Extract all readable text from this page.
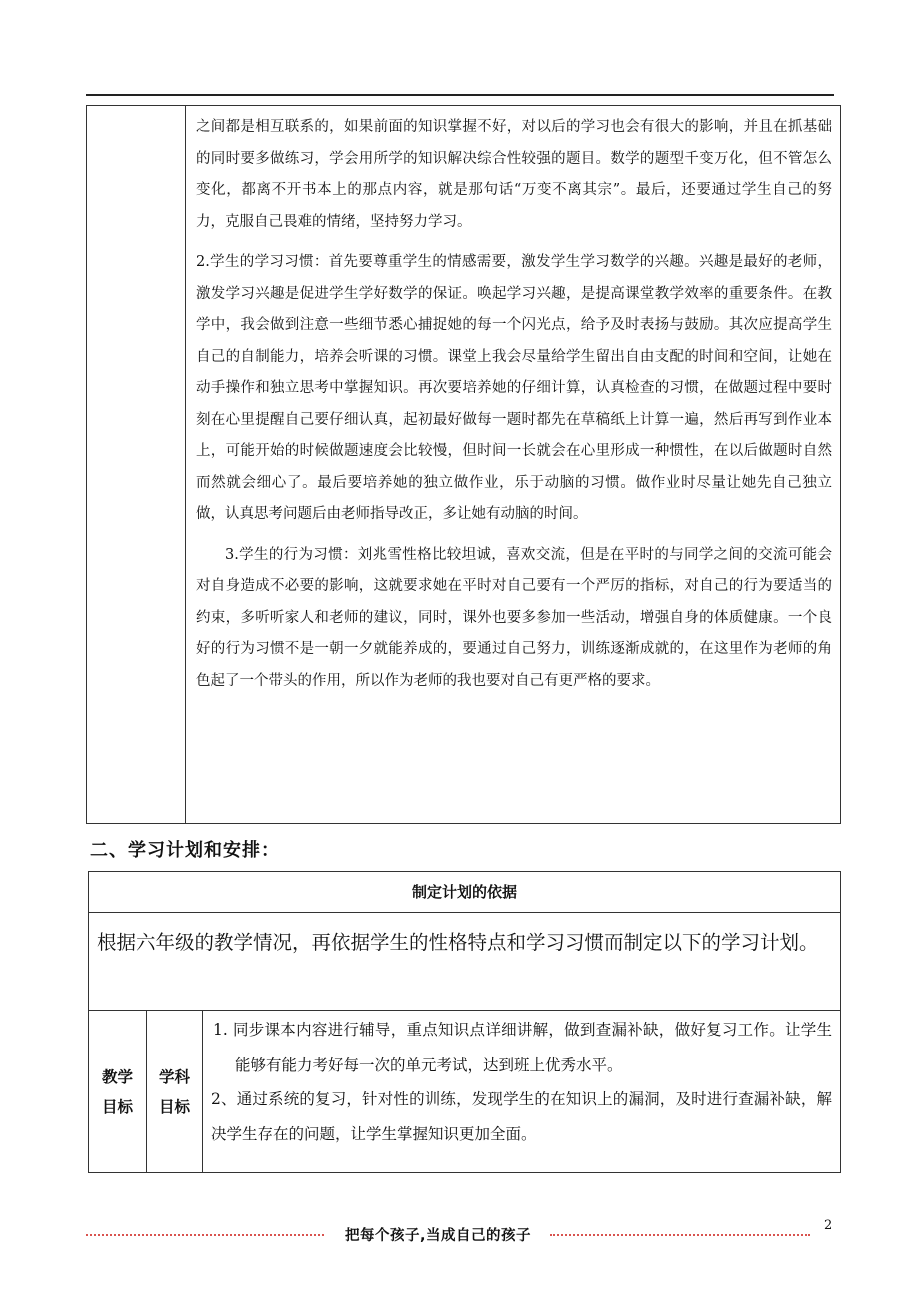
之间都是相互联系的，如果前面的知识掌握不好，对以后的学习也会有很大的影响，并且在抓基础的同时要多做练习，学会用所学的知识解决综合性较强的题目。数学的题型千变万化，但不管怎么变化，都离不开书本上的那点内容，就是那句话“万变不离其宗”。最后，还要通过学生自己的努力，克服自己畏难的情绪，坚持努力学习。

2.学生的学习习惯：首先要尊重学生的情感需要，激发学生学习数学的兴趣。兴趣是最好的老师，激发学习兴趣是促进学生学好数学的保证。唤起学习兴趣，是提高课堂教学效率的重要条件。在教学中，我会做到注意一些细节悉心捕捉她的每一个闪光点，给予及时表扬与鼓励。其次应提高学生自己的自制能力，培养会听课的习惯。课堂上我会尽量给学生留出自由支配的时间和空间，让她在动手操作和独立思考中掌握知识。再次要培养她的仔细计算，认真检查的习惯，在做题过程中要时刻在心里提醒自己要仔细认真，起初最好做每一题时都先在草稿纸上计算一遍，然后再写到作业本上，可能开始的时候做题速度会比较慢，但时间一长就会在心里形成一种惯性，在以后做题时自然而然就会细心了。最后要培养她的独立做作业，乐于动脑的习惯。做作业时尽量让她先自己独立做，认真思考问题后由老师指导改正，多让她有动脑的时间。

3.学生的行为习惯：刘兆雪性格比较坦诚，喜欢交流，但是在平时的与同学之间的交流可能会对自身造成不必要的影响，这就要求她在平时对自己要有一个严厉的指标，对自己的行为要适当的约束，多听听家人和老师的建议，同时，课外也要多参加一些活动，增强自身的体质健康。一个良好的行为习惯不是一朝一夕就能养成的，要通过自己努力，训练逐渐成就的，在这里作为老师的角色起了一个带头的作用，所以作为老师的我也要对自己有更严格的要求。

二、学习计划和安排：
制定计划的依据
根据六年级的教学情况，再依据学生的性格特点和学习习惯而制定以下的学习计划。
教学目标
学科目标

1. 同步课本内容进行辅导，重点知识点详细讲解，做到查漏补缺，做好复习工作。让学生能够有能力考好每一次的单元考试，达到班上优秀水平。

2、通过系统的复习，针对性的训练，发现学生的在知识上的漏洞，及时进行查漏补缺，解决学生存在的问题，让学生掌握知识更加全面。

把每个孩子,当成自己的孩子
2
